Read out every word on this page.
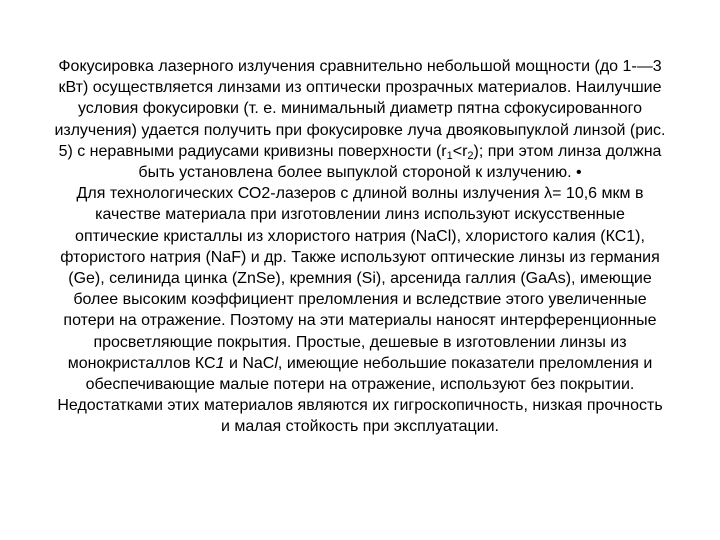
Фокусировка лазерного излучения сравнительно небольшой мощности (до 1-—3
кВт) осуществляется линзами из оптически прозрачных материалов. Наилучшие
условия фокусировки (т. е. минимальный диаметр пятна сфокусированного
излучения) удается получить при фокусировке луча двояковыпуклой линзой (рис.
5) с неравными радиусами кривизны поверхности $(r_1<r_2)$; при этом линза должна
быть установлена более выпуклой стороной к излучению. •
Для технологических СО2-лазеров с длиной волны излучения λ= 10,6 мкм в
качестве материала при изготовлении линз используют искусственные
оптические кристаллы из хлористого натрия (NaCl), хлористого калия (КС1),
фтористого натрия (NaF) и др. Также используют оптические линзы из германия
(Ge), селинида цинка (ZnSe), кремния (Si), арсенида галлия (GaAs), имеющие
более высоким коэффициент преломления и вследствие этого увеличенные
потери на отражение. Поэтому на эти материалы наносят интерференционные
просветляющие покрытия. Простые, дешевые в изготовлении линзы из
монокристаллов КС1 и NaСl, имеющие небольшие показатели преломления и
обеспечивающие малые потери на отражение, используют без покрытии.
Недостатками этих материалов являются их гигроскопичность, низкая прочность
и малая стойкость при эксплуатации.
